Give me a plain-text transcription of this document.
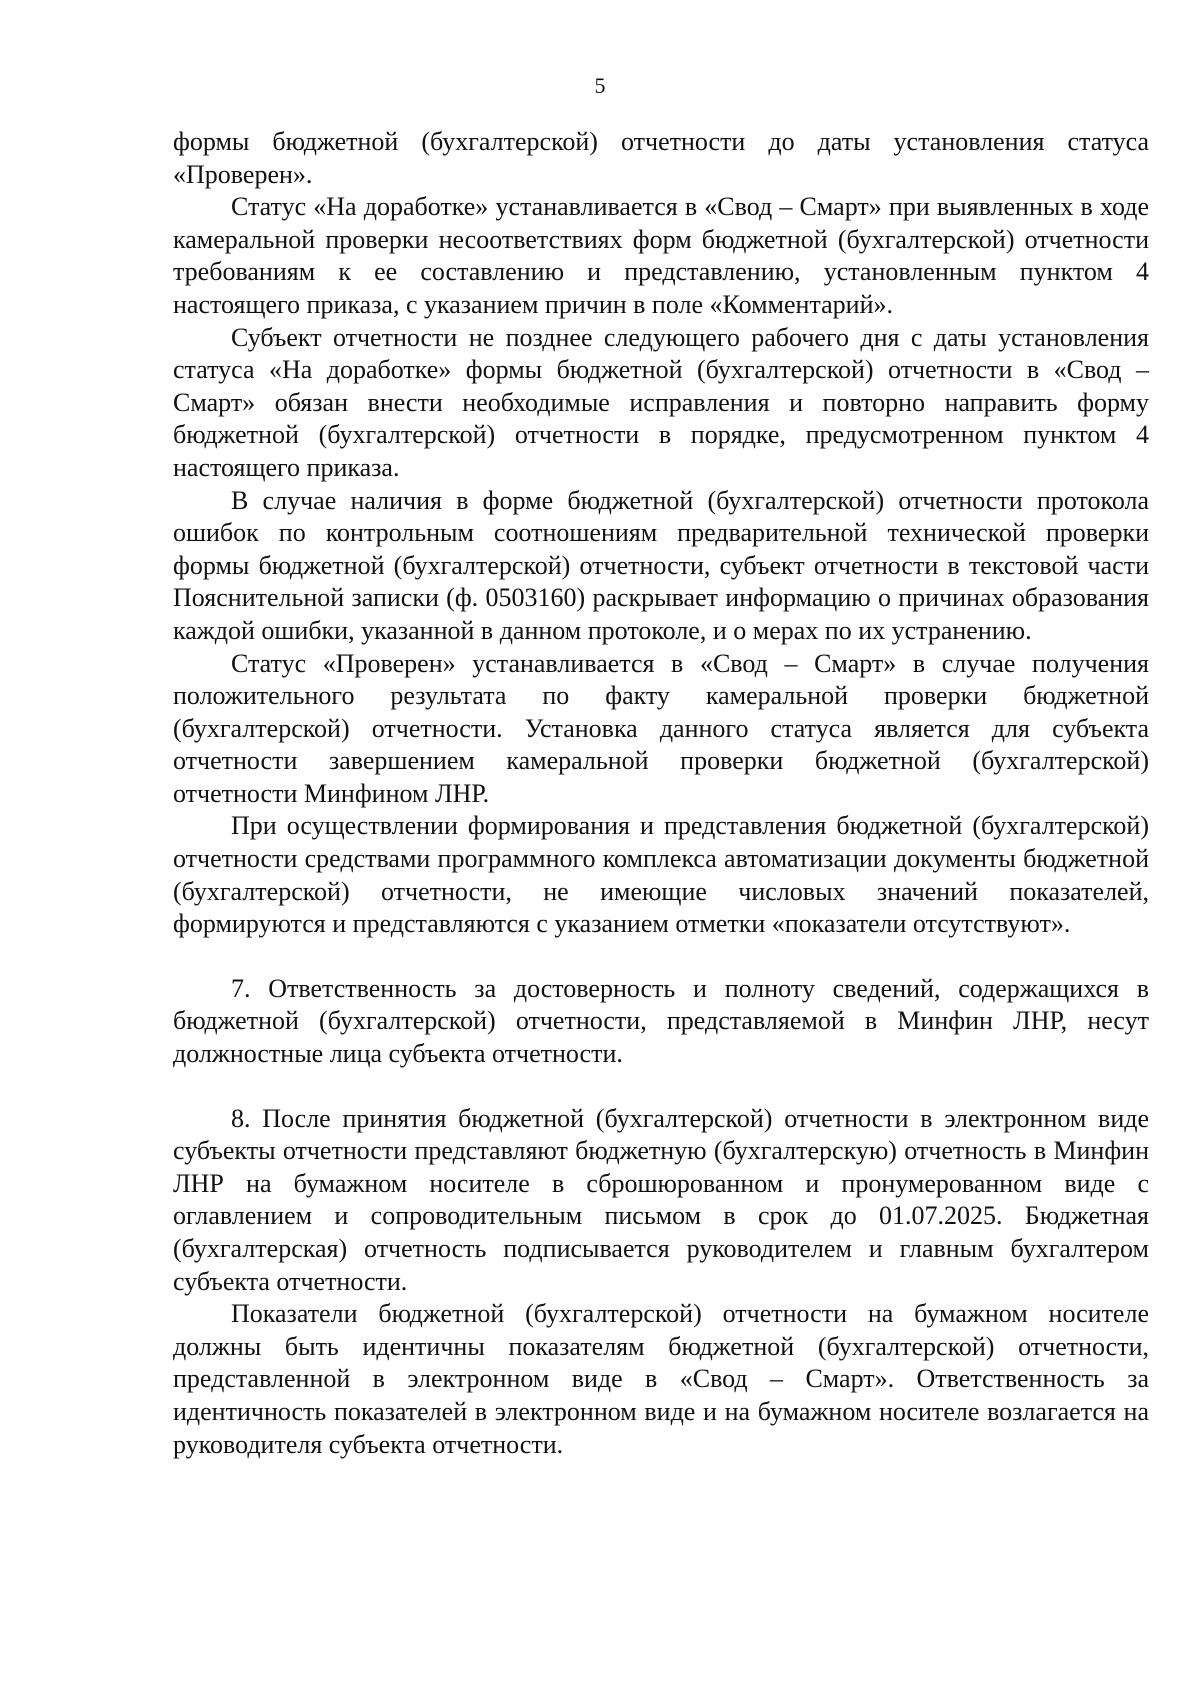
5

формы бюджетной (бухгалтерской) отчетности до даты установления статуса «Проверен».

Статус «На доработке» устанавливается в «Свод – Смарт» при выявленных в ходе камеральной проверки несоответствиях форм бюджетной (бухгалтерской) отчетности требованиям к ее составлению и представлению, установленным пунктом 4 настоящего приказа, с указанием причин в поле «Комментарий».

Субъект отчетности не позднее следующего рабочего дня с даты установления статуса «На доработке» формы бюджетной (бухгалтерской) отчетности в «Свод – Смарт» обязан внести необходимые исправления и повторно направить форму бюджетной (бухгалтерской) отчетности в порядке, предусмотренном пунктом 4 настоящего приказа.

В случае наличия в форме бюджетной (бухгалтерской) отчетности протокола ошибок по контрольным соотношениям предварительной технической проверки формы бюджетной (бухгалтерской) отчетности, субъект отчетности в текстовой части Пояснительной записки (ф. 0503160) раскрывает информацию о причинах образования каждой ошибки, указанной в данном протоколе, и о мерах по их устранению.

Статус «Проверен» устанавливается в «Свод – Смарт» в случае получения положительного результата по факту камеральной проверки бюджетной (бухгалтерской) отчетности. Установка данного статуса является для субъекта отчетности завершением камеральной проверки бюджетной (бухгалтерской) отчетности Минфином ЛНР.

При осуществлении формирования и представления бюджетной (бухгалтерской) отчетности средствами программного комплекса автоматизации документы бюджетной (бухгалтерской) отчетности, не имеющие числовых значений показателей, формируются и представляются с указанием отметки «показатели отсутствуют».

7. Ответственность за достоверность и полноту сведений, содержащихся в бюджетной (бухгалтерской) отчетности, представляемой в Минфин ЛНР, несут должностные лица субъекта отчетности.

8. После принятия бюджетной (бухгалтерской) отчетности в электронном виде субъекты отчетности представляют бюджетную (бухгалтерскую) отчетность в Минфин ЛНР на бумажном носителе в сброшюрованном и пронумерованном виде с оглавлением и сопроводительным письмом в срок до 01.07.2025. Бюджетная (бухгалтерская) отчетность подписывается руководителем и главным бухгалтером субъекта отчетности.

Показатели бюджетной (бухгалтерской) отчетности на бумажном носителе должны быть идентичны показателям бюджетной (бухгалтерской) отчетности, представленной в электронном виде в «Свод – Смарт». Ответственность за идентичность показателей в электронном виде и на бумажном носителе возлагается на руководителя субъекта отчетности.
